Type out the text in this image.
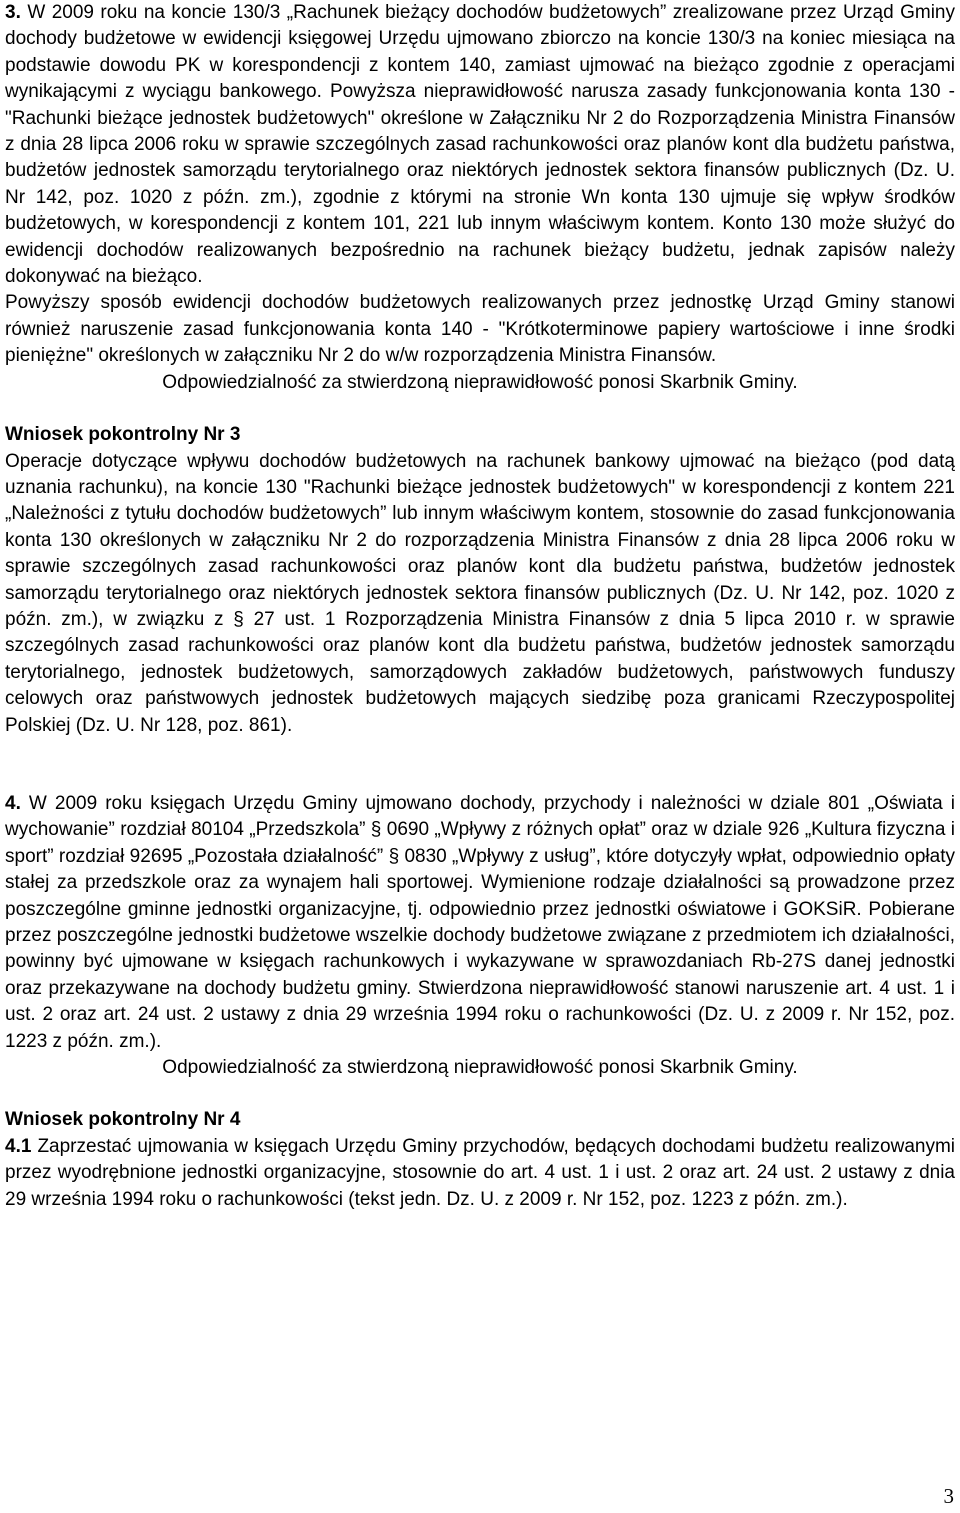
3. W 2009 roku na koncie 130/3 „Rachunek bieżący dochodów budżetowych” zrealizowane przez Urząd Gminy dochody budżetowe w ewidencji księgowej Urzędu ujmowano zbiorczo na koncie 130/3 na koniec miesiąca na podstawie dowodu PK w korespondencji z kontem 140, zamiast ujmować na bieżąco zgodnie z operacjami wynikającymi z wyciągu bankowego. Powyższa nieprawidłowość narusza zasady funkcjonowania konta 130 - "Rachunki bieżące jednostek budżetowych" określone w Załączniku Nr 2 do Rozporządzenia Ministra Finansów z dnia 28 lipca 2006 roku w sprawie szczególnych zasad rachunkowości oraz planów kont dla budżetu państwa, budżetów jednostek samorządu terytorialnego oraz niektórych jednostek sektora finansów publicznych (Dz. U. Nr 142, poz. 1020 z późn. zm.), zgodnie z którymi na stronie Wn konta 130 ujmuje się wpływ środków budżetowych, w korespondencji z kontem 101, 221 lub innym właściwym kontem. Konto 130 może służyć do ewidencji dochodów realizowanych bezpośrednio na rachunek bieżący budżetu, jednak zapisów należy dokonywać na bieżąco.

Powyższy sposób ewidencji dochodów budżetowych realizowanych przez jednostkę Urząd Gminy stanowi również naruszenie zasad funkcjonowania konta 140 - "Krótkoterminowe papiery wartościowe i inne środki pieniężne" określonych w załączniku Nr 2 do w/w rozporządzenia Ministra Finansów.

Odpowiedzialność za stwierdzoną nieprawidłowość ponosi Skarbnik Gminy.

Wniosek pokontrolny Nr 3

Operacje dotyczące wpływu dochodów budżetowych na rachunek bankowy ujmować na bieżąco (pod datą uznania rachunku), na koncie 130 "Rachunki bieżące jednostek budżetowych" w korespondencji z kontem 221 „Należności z tytułu dochodów budżetowych” lub innym właściwym kontem, stosownie do zasad funkcjonowania konta 130 określonych w załączniku Nr 2 do rozporządzenia Ministra Finansów z dnia 28 lipca 2006 roku w sprawie szczególnych zasad rachunkowości oraz planów kont dla budżetu państwa, budżetów jednostek samorządu terytorialnego oraz niektórych jednostek sektora finansów publicznych (Dz. U. Nr 142, poz. 1020 z późn. zm.), w związku z § 27 ust. 1 Rozporządzenia Ministra Finansów z dnia 5 lipca 2010 r. w sprawie szczególnych zasad rachunkowości oraz planów kont dla budżetu państwa, budżetów jednostek samorządu terytorialnego, jednostek budżetowych, samorządowych zakładów budżetowych, państwowych funduszy celowych oraz państwowych jednostek budżetowych mających siedzibę poza granicami Rzeczypospolitej Polskiej (Dz. U. Nr 128, poz. 861).

4. W 2009 roku księgach Urzędu Gminy ujmowano dochody, przychody i należności w dziale 801 „Oświata i wychowanie” rozdział 80104 „Przedszkola” § 0690 „Wpływy z różnych opłat” oraz w dziale 926 „Kultura fizyczna i sport” rozdział 92695 „Pozostała działalność” § 0830 „Wpływy z usług”, które dotyczyły wpłat, odpowiednio opłaty stałej za przedszkole oraz za wynajem hali sportowej. Wymienione rodzaje działalności są prowadzone przez poszczególne gminne jednostki organizacyjne, tj. odpowiednio przez jednostki oświatowe i GOKSiR. Pobierane przez poszczególne jednostki budżetowe wszelkie dochody budżetowe związane z przedmiotem ich działalności, powinny być ujmowane w księgach rachunkowych i wykazywane w sprawozdaniach Rb-27S danej jednostki oraz przekazywane na dochody budżetu gminy. Stwierdzona nieprawidłowość stanowi naruszenie art. 4 ust. 1 i ust. 2 oraz art. 24 ust. 2 ustawy z dnia 29 września 1994 roku o rachunkowości (Dz. U. z 2009 r. Nr 152, poz. 1223 z późn. zm.).

Odpowiedzialność za stwierdzoną nieprawidłowość ponosi Skarbnik Gminy.

Wniosek pokontrolny Nr 4

4.1 Zaprzestać ujmowania w księgach Urzędu Gminy przychodów, będących dochodami budżetu realizowanymi przez wyodrębnione jednostki organizacyjne, stosownie do art. 4 ust. 1 i ust. 2 oraz art. 24 ust. 2 ustawy z dnia 29 września 1994 roku o rachunkowości (tekst jedn. Dz. U. z 2009 r. Nr 152, poz. 1223 z późn. zm.).

3
